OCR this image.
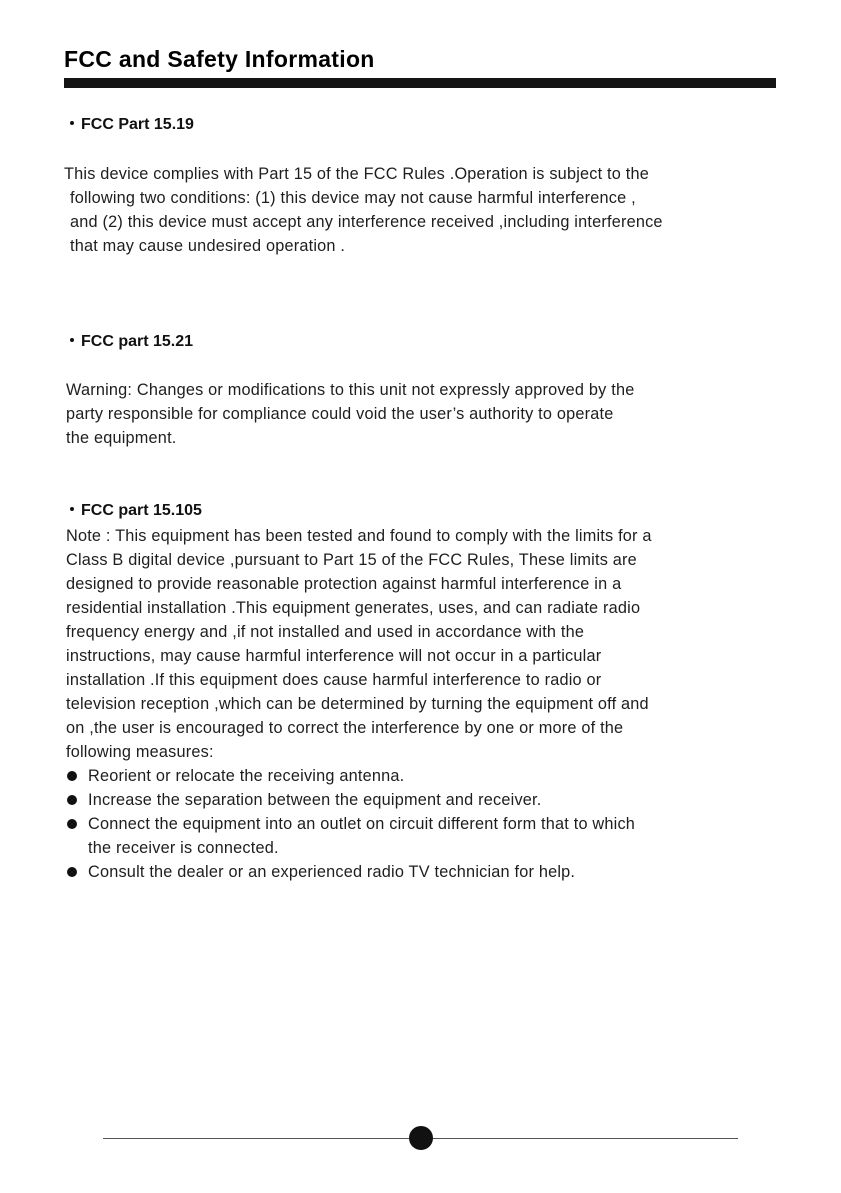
FCC and Safety Information
FCC Part 15.19

This device complies with Part 15 of the FCC Rules .Operation is subject to the
following two conditions: (1) this device may not cause harmful interference ,
and (2) this device must accept any interference received ,including interference
that may cause undesired operation .

FCC part 15.21

Warning: Changes or modifications to this unit not expressly approved by the
party responsible for compliance could void the user’s authority to operate
the equipment.

FCC part 15.105

Note : This equipment has been tested and found to comply with the limits for a
Class B digital device ,pursuant to Part 15 of the FCC Rules, These limits are
designed to provide reasonable protection against harmful interference in a
residential installation .This equipment generates, uses, and can radiate radio
frequency energy and ,if not installed and used in accordance with the
instructions, may cause harmful interference will not occur in a particular
installation .If this equipment does cause harmful interference to radio or
television reception ,which can be determined by turning the equipment off and
on ,the user is encouraged to correct the interference by one or more of the
following measures:

Reorient or relocate the receiving antenna.
Increase the separation between the equipment and receiver.
Connect the equipment into an outlet on circuit different form that to which
the receiver is connected.
Consult the dealer or an experienced radio TV technician for help.
